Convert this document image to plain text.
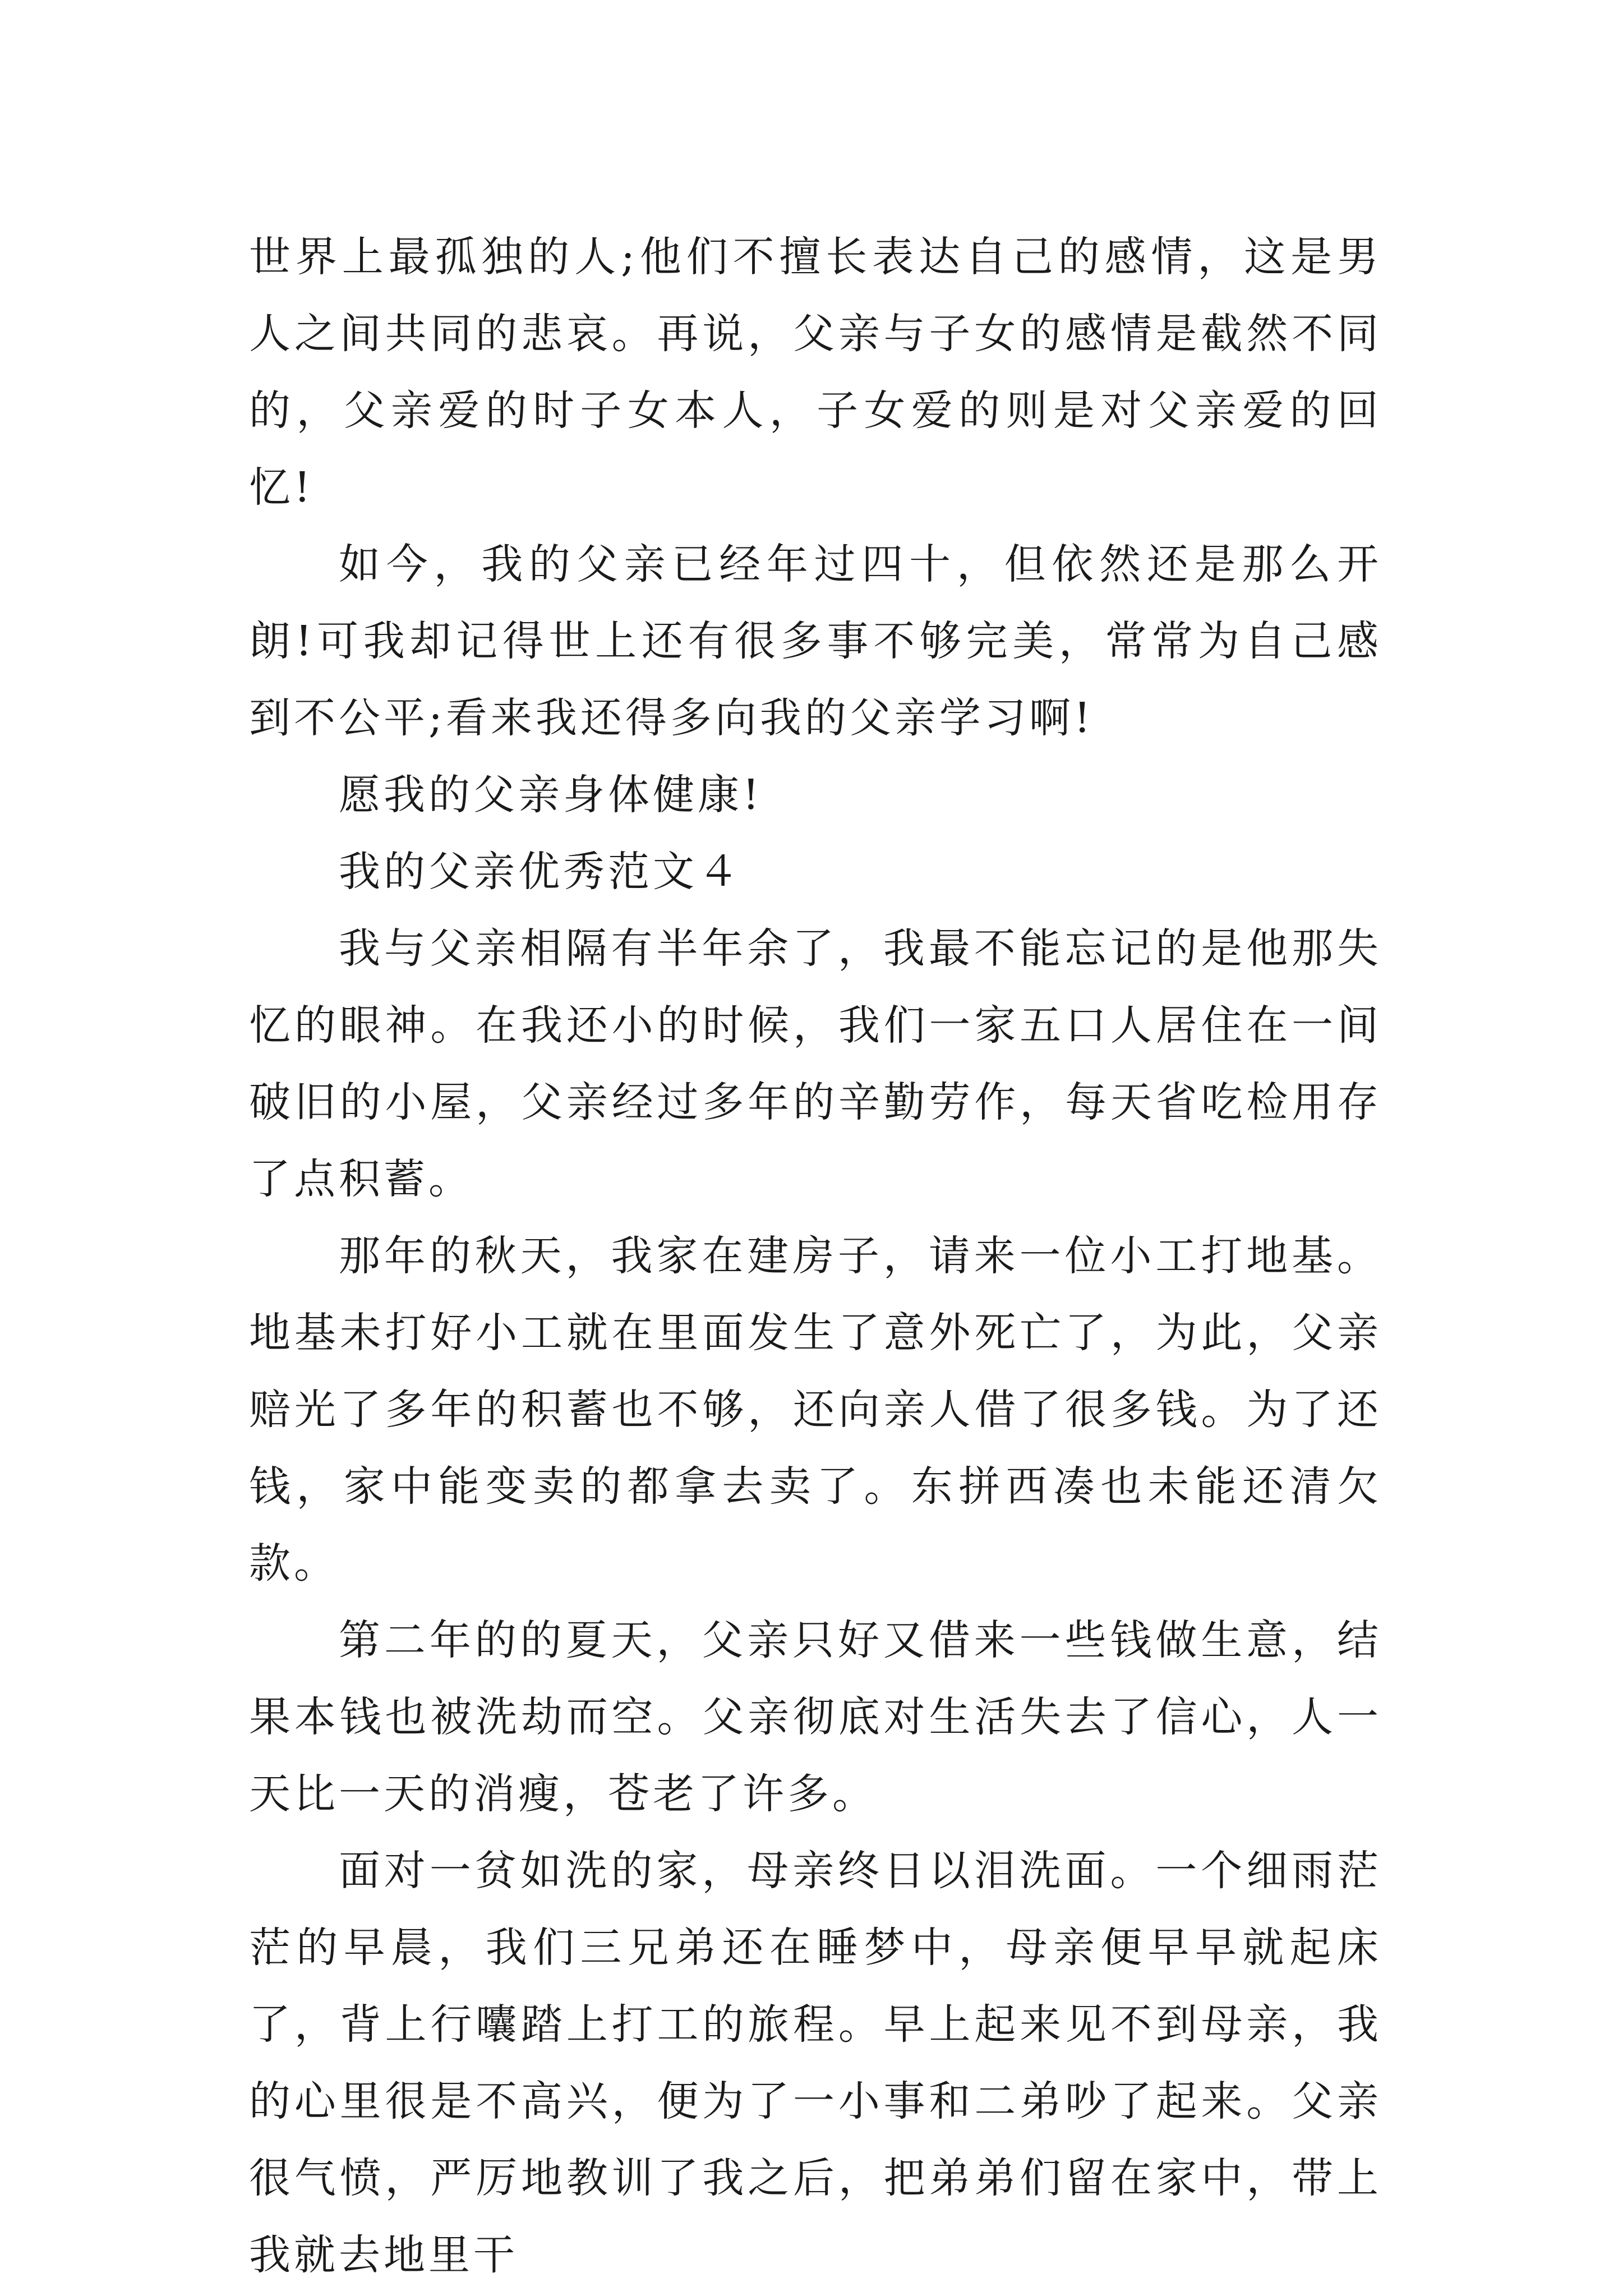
世界上最孤独的人;他们不擅长表达自己的感情，这是男人之间共同的悲哀。再说，父亲与子女的感情是截然不同的，父亲爱的时子女本人，子女爱的则是对父亲爱的回忆!

如今，我的父亲已经年过四十，但依然还是那么开朗!可我却记得世上还有很多事不够完美，常常为自己感到不公平;看来我还得多向我的父亲学习啊!

愿我的父亲身体健康!

我的父亲优秀范文４

我与父亲相隔有半年余了，我最不能忘记的是他那失忆的眼神。在我还小的时候，我们一家五口人居住在一间破旧的小屋，父亲经过多年的辛勤劳作，每天省吃检用存了点积蓄。

那年的秋天，我家在建房子，请来一位小工打地基。地基未打好小工就在里面发生了意外死亡了，为此，父亲赔光了多年的积蓄也不够，还向亲人借了很多钱。为了还钱，家中能变卖的都拿去卖了。东拼西凑也未能还清欠款。

第二年的的夏天，父亲只好又借来一些钱做生意，结果本钱也被洗劫而空。父亲彻底对生活失去了信心，人一天比一天的消瘦，苍老了许多。

面对一贫如洗的家，母亲终日以泪洗面。一个细雨茫茫的早晨，我们三兄弟还在睡梦中，母亲便早早就起床了，背上行囔踏上打工的旅程。早上起来见不到母亲，我的心里很是不高兴，便为了一小事和二弟吵了起来。父亲很气愤，严厉地教训了我之后，把弟弟们留在家中，带上我就去地里干
